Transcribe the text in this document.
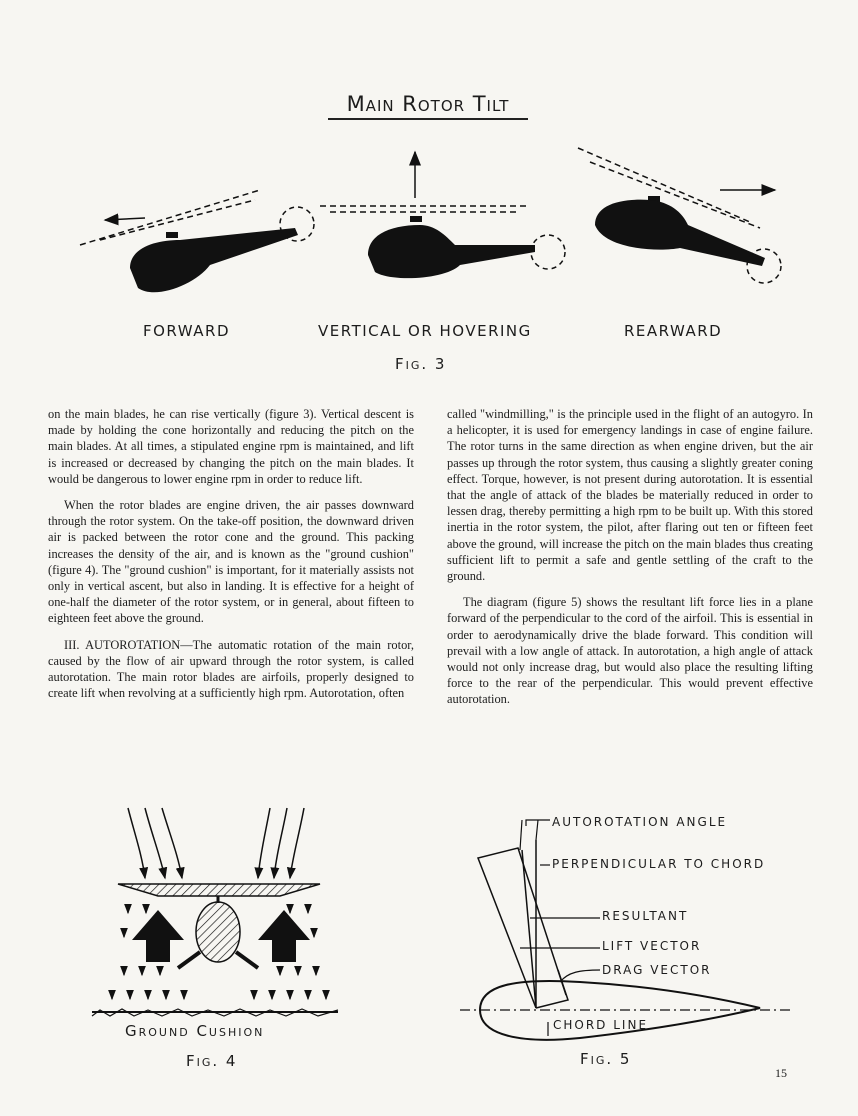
Main Rotor Tilt
FORWARD	VERTICAL OR HOVERING	REARWARD
Fig. 3

on the main blades, he can rise vertically (figure 3). Vertical descent is made by holding the cone horizontally and reducing the pitch on the main blades. At all times, a stipulated engine rpm is maintained, and lift is increased or decreased by changing the pitch on the main blades. It would be dangerous to lower engine rpm in order to reduce lift.

When the rotor blades are engine driven, the air passes downward through the rotor system. On the take-off position, the downward driven air is packed between the rotor cone and the ground. This packing increases the density of the air, and is known as the "ground cushion" (figure 4). The "ground cushion" is important, for it materially assists not only in vertical ascent, but also in landing. It is effective for a height of one-half the diameter of the rotor system, or in general, about fifteen to eighteen feet above the ground.

III. AUTOROTATION—The automatic rotation of the main rotor, caused by the flow of air upward through the rotor system, is called autorotation. The main rotor blades are airfoils, properly designed to create lift when revolving at a sufficiently high rpm. Autorotation, often

called "windmilling," is the principle used in the flight of an autogyro. In a helicopter, it is used for emergency landings in case of engine failure. The rotor turns in the same direction as when engine driven, but the air passes up through the rotor system, thus causing a slightly greater coning effect. Torque, however, is not present during autorotation. It is essential that the angle of attack of the blades be materially reduced in order to lessen drag, thereby permitting a high rpm to be built up. With this stored inertia in the rotor system, the pilot, after flaring out ten or fifteen feet above the ground, will increase the pitch on the main blades thus creating sufficient lift to permit a safe and gentle settling of the craft to the ground.

The diagram (figure 5) shows the resultant lift force lies in a plane forward of the perpendicular to the cord of the airfoil. This is essential in order to aerodynamically drive the blade forward. This condition will prevail with a low angle of attack. In autorotation, a high angle of attack would not only increase drag, but would also place the resulting lifting force to the rear of the perpendicular. This would prevent effective autorotation.

Ground Cushion
Fig. 4
AUTOROTATION ANGLE
PERPENDICULAR TO CHORD
RESULTANT
LIFT VECTOR
DRAG VECTOR
CHORD LINE
Fig. 5
15
